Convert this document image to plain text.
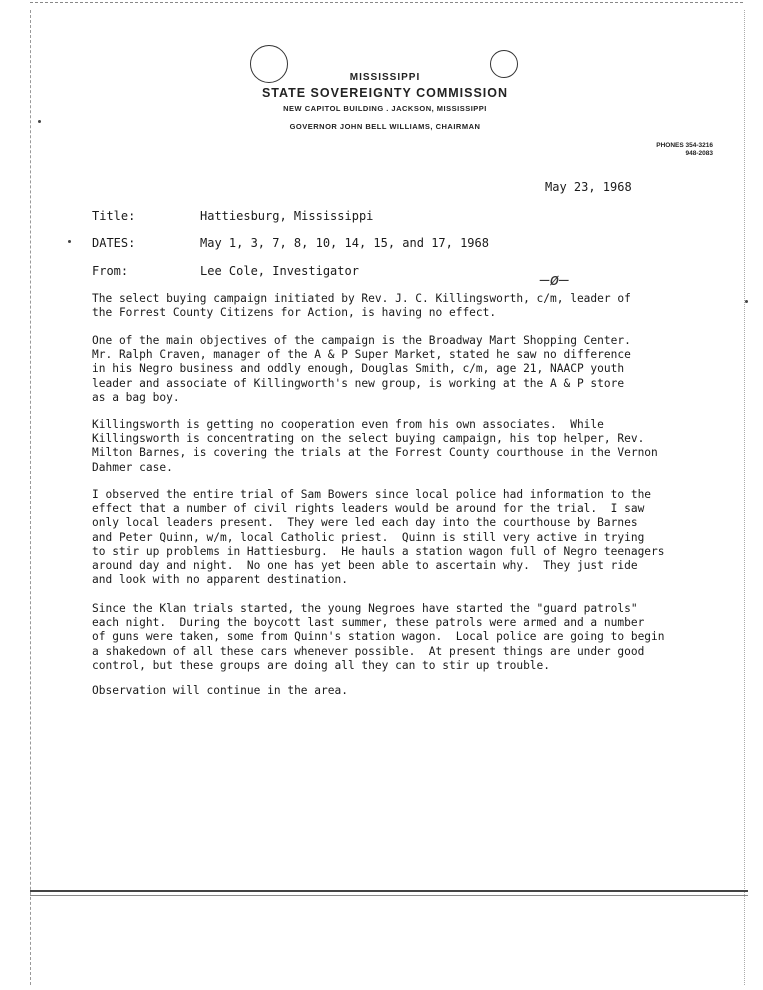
MISSISSIPPI
STATE SOVEREIGNTY COMMISSION
NEW CAPITOL BUILDING . JACKSON, MISSISSIPPI
GOVERNOR JOHN BELL WILLIAMS, CHAIRMAN
PHONES 354-3216
948-2083
May 23, 1968
Title:	Hattiesburg, Mississippi
DATES:	May 1, 3, 7, 8, 10, 14, 15, and 17, 1968
From:	Lee Cole, Investigator	—ø—
The select buying campaign initiated by Rev. J. C. Killingsworth, c/m, leader of
the Forrest County Citizens for Action, is having no effect.
One of the main objectives of the campaign is the Broadway Mart Shopping Center.
Mr. Ralph Craven, manager of the A & P Super Market, stated he saw no difference
in his Negro business and oddly enough, Douglas Smith, c/m, age 21, NAACP youth
leader and associate of Killingworth's new group, is working at the A & P store
as a bag boy.
Killingsworth is getting no cooperation even from his own associates.  While
Killingsworth is concentrating on the select buying campaign, his top helper, Rev.
Milton Barnes, is covering the trials at the Forrest County courthouse in the Vernon
Dahmer case.
I observed the entire trial of Sam Bowers since local police had information to the
effect that a number of civil rights leaders would be around for the trial.  I saw
only local leaders present.  They were led each day into the courthouse by Barnes
and Peter Quinn, w/m, local Catholic priest.  Quinn is still very active in trying
to stir up problems in Hattiesburg.  He hauls a station wagon full of Negro teenagers
around day and night.  No one has yet been able to ascertain why.  They just ride
and look with no apparent destination.
Since the Klan trials started, the young Negroes have started the "guard patrols"
each night.  During the boycott last summer, these patrols were armed and a number
of guns were taken, some from Quinn's station wagon.  Local police are going to begin
a shakedown of all these cars whenever possible.  At present things are under good
control, but these groups are doing all they can to stir up trouble.
Observation will continue in the area.
